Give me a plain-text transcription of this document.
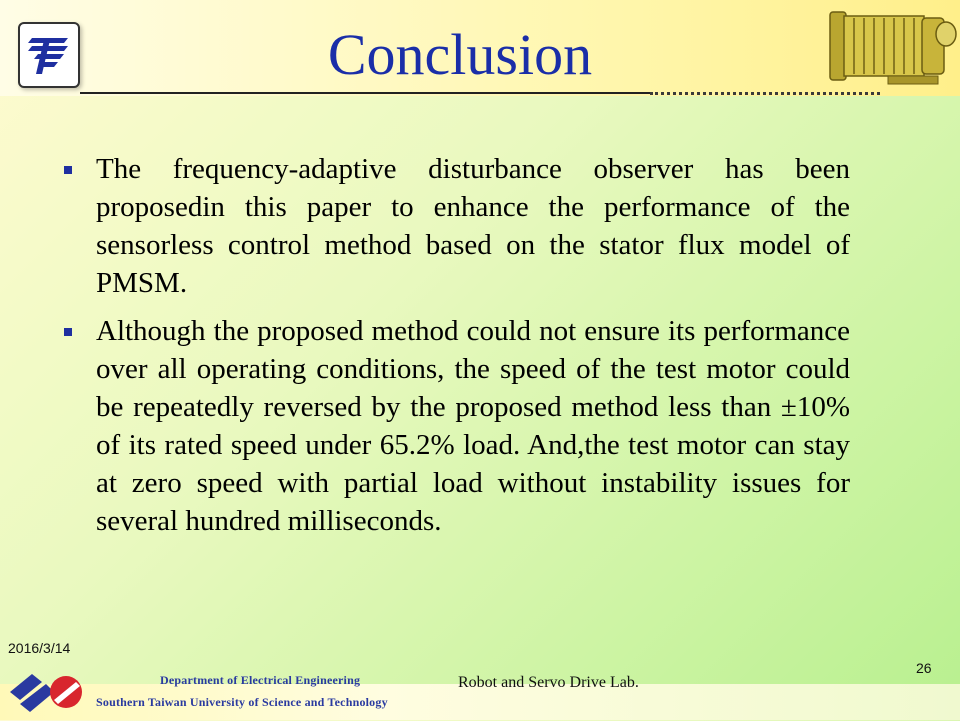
Conclusion
The frequency-adaptive disturbance observer has been proposedin this paper to enhance the performance of the sensorless control method based on the stator flux model of PMSM.
Although the proposed method could not ensure its performance over all operating conditions, the speed of the test motor could be repeatedly reversed by the proposed method less than ±10% of its rated speed under 65.2% load. And,the test motor can stay at zero speed with partial load without instability issues for several hundred milliseconds.
2016/3/14
26
Department of Electrical Engineering
Southern Taiwan University of Science and Technology
Robot and Servo Drive Lab.
